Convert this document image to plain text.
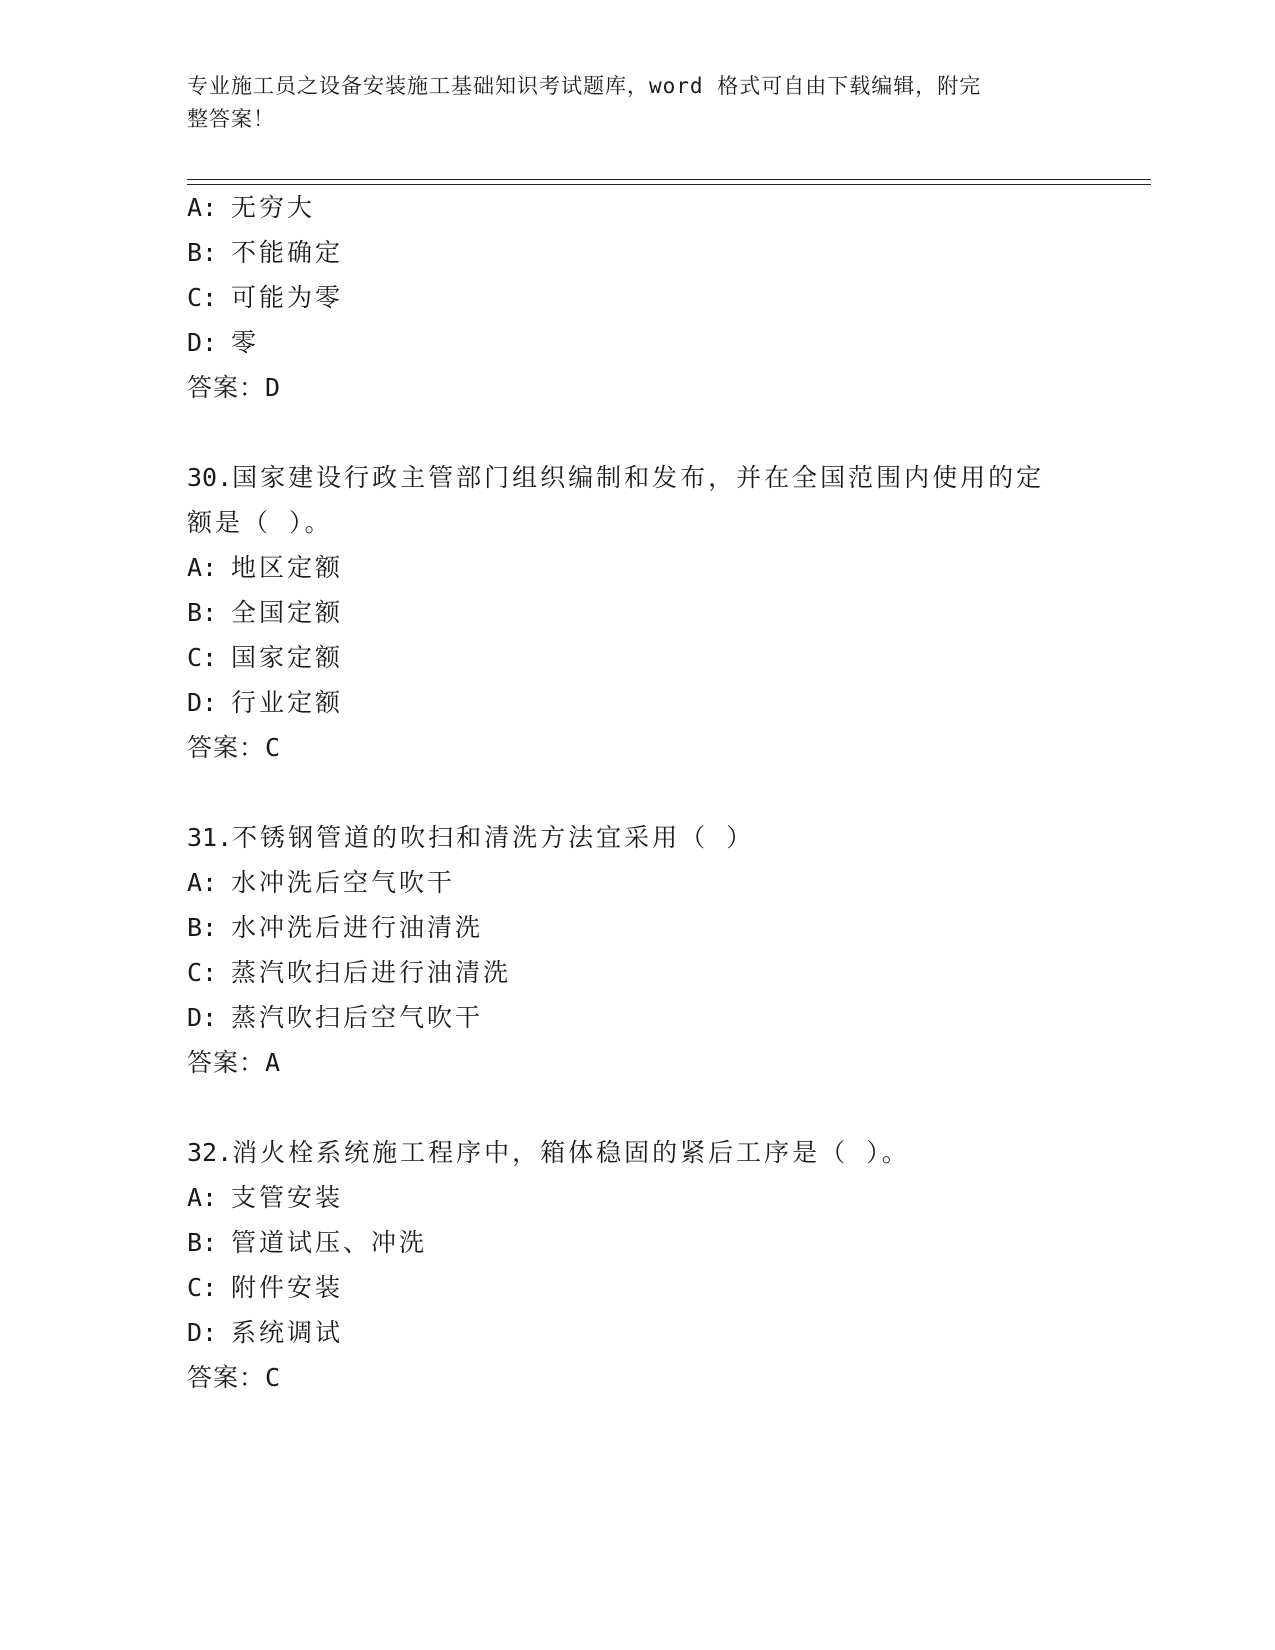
专业施工员之设备安装施工基础知识考试题库，word 格式可自由下载编辑，附完
整答案！
A: 无穷大
B: 不能确定
C: 可能为零
D: 零
答案：D
30.国家建设行政主管部门组织编制和发布，并在全国范围内使用的定
额是（ ）。
A: 地区定额
B: 全国定额
C: 国家定额
D: 行业定额
答案：C
31.不锈钢管道的吹扫和清洗方法宜采用（ ）
A: 水冲洗后空气吹干
B: 水冲洗后进行油清洗
C: 蒸汽吹扫后进行油清洗
D: 蒸汽吹扫后空气吹干
答案：A
32.消火栓系统施工程序中，箱体稳固的紧后工序是（ ）。
A: 支管安装
B: 管道试压、冲洗
C: 附件安装
D: 系统调试
答案：C
